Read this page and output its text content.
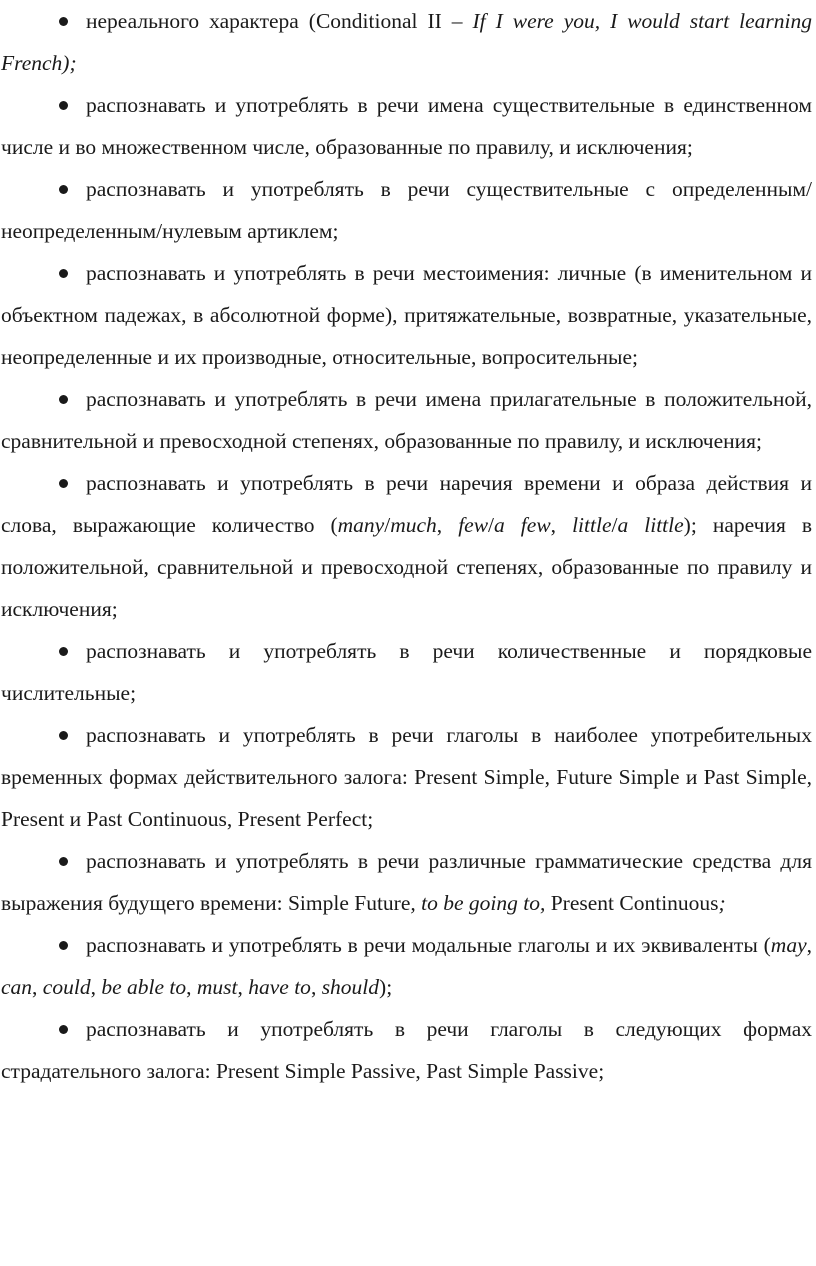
нереального характера (Conditional II – If I were you, I would start learning French);

распознавать и употреблять в речи имена существительные в единственном числе и во множественном числе, образованные по правилу, и исключения;

распознавать и употреблять в речи существительные с определенным/ неопределенным/нулевым артиклем;

распознавать и употреблять в речи местоимения: личные (в именительном и объектном падежах, в абсолютной форме), притяжательные, возвратные, указательные, неопределенные и их производные, относительные, вопросительные;

распознавать и употреблять в речи имена прилагательные в положительной, сравнительной и превосходной степенях, образованные по правилу, и исключения;

распознавать и употреблять в речи наречия времени и образа действия и слова, выражающие количество (many/much, few/a few, little/a little); наречия в положительной, сравнительной и превосходной степенях, образованные по правилу и исключения;

распознавать и употреблять в речи количественные и порядковые числительные;

распознавать и употреблять в речи глаголы в наиболее употребительных временных формах действительного залога: Present Simple, Future Simple и Past Simple, Present и Past Continuous, Present Perfect;

распознавать и употреблять в речи различные грамматические средства для выражения будущего времени: Simple Future, to be going to, Present Continuous;

распознавать и употреблять в речи модальные глаголы и их эквиваленты (may, can, could, be able to, must, have to, should);

распознавать и употреблять в речи глаголы в следующих формах страдательного залога: Present Simple Passive, Past Simple Passive;
